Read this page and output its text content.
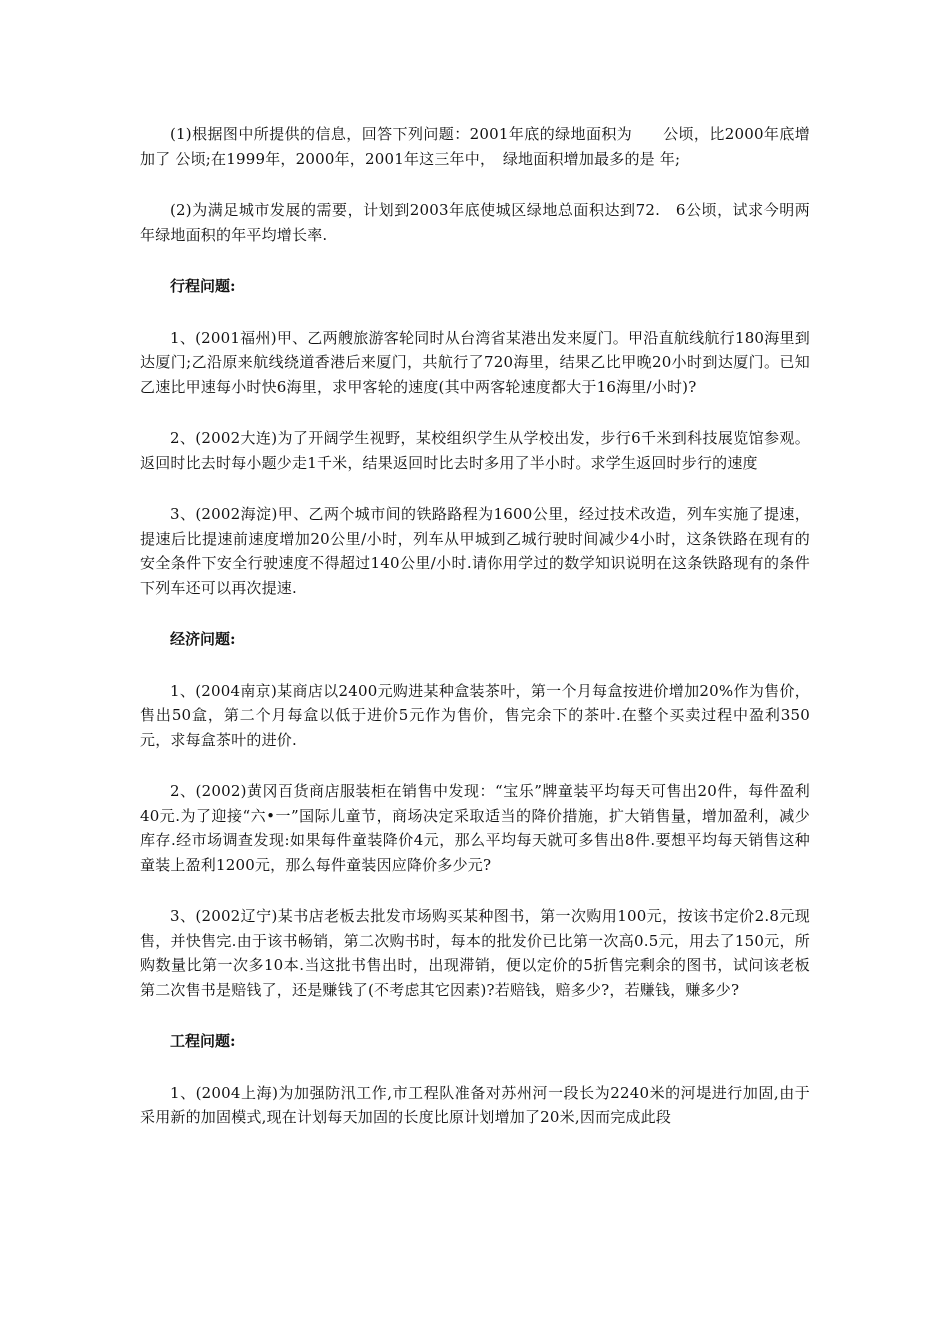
(1)根据图中所提供的信息，回答下列问题：2001年底的绿地面积为　　公顷，比2000年底增加了 公顷;在1999年，2000年，2001年这三年中，　绿地面积增加最多的是 年;

(2)为满足城市发展的需要，计划到2003年底使城区绿地总面积达到72.　6公顷，试求今明两年绿地面积的年平均增长率.

行程问题:

1、(2001福州)甲、乙两艘旅游客轮同时从台湾省某港出发来厦门。甲沿直航线航行180海里到达厦门;乙沿原来航线绕道香港后来厦门，共航行了720海里，结果乙比甲晚20小时到达厦门。已知乙速比甲速每小时快6海里，求甲客轮的速度(其中两客轮速度都大于16海里/小时)?

2、(2002大连)为了开阔学生视野，某校组织学生从学校出发，步行6千米到科技展览馆参观。返回时比去时每小题少走1千米，结果返回时比去时多用了半小时。求学生返回时步行的速度

3、(2002海淀)甲、乙两个城市间的铁路路程为1600公里，经过技术改造，列车实施了提速，提速后比提速前速度增加20公里/小时，列车从甲城到乙城行驶时间减少4小时，这条铁路在现有的安全条件下安全行驶速度不得超过140公里/小时.请你用学过的数学知识说明在这条铁路现有的条件下列车还可以再次提速.

经济问题:

1、(2004南京)某商店以2400元购进某种盒装茶叶，第一个月每盒按进价增加20%作为售价，售出50盒，第二个月每盒以低于进价5元作为售价，售完余下的茶叶.在整个买卖过程中盈利350元，求每盒茶叶的进价.

2、(2002)黄冈百货商店服装柜在销售中发现：“宝乐”牌童装平均每天可售出20件，每件盈利40元.为了迎接“六•一”国际儿童节，商场决定采取适当的降价措施，扩大销售量，增加盈利，减少库存.经市场调查发现:如果每件童装降价4元，那么平均每天就可多售出8件.要想平均每天销售这种童装上盈利1200元，那么每件童装因应降价多少元?

3、(2002辽宁)某书店老板去批发市场购买某种图书，第一次购用100元，按该书定价2.8元现售，并快售完.由于该书畅销，第二次购书时，每本的批发价已比第一次高0.5元，用去了150元，所购数量比第一次多10本.当这批书售出时，出现滞销，便以定价的5折售完剩余的图书，试问该老板第二次售书是赔钱了，还是赚钱了(不考虑其它因素)?若赔钱，赔多少?，若赚钱，赚多少?

工程问题:

1、(2004上海)为加强防汛工作,市工程队准备对苏州河一段长为2240米的河堤进行加固,由于采用新的加固模式,现在计划每天加固的长度比原计划增加了20米,因而完成此段
